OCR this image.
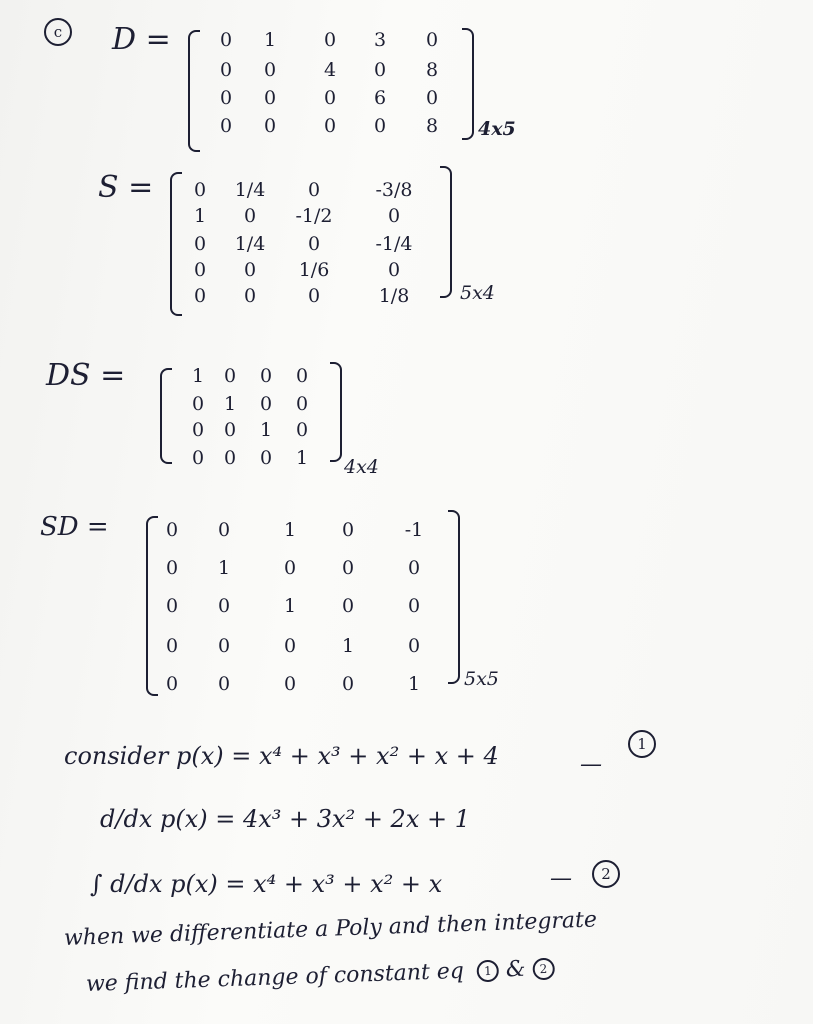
c	D =
S =
DS =
SD =
0 1	0 3 0
0 0	4 0 8
0 0	0 6 0
0 0	0 0 8
0 1/4 0	-3/8
1 0 -1/2	0
0 1/4 0	-1/4
0 0 1/6	0
0 0	0	1/8
1 0 0 0
0 1 0 0
0 0 1 0
0 0 0 1
0 0	1 0	-1
0 1	0 0	0
0 0	1 0	0
0 0	0 1	0
0 0	0 0	1
4x5
5x4
4x4
5x5
consider p(x) = x⁴ + x³ + x² + x + 4	—
1
d/dx p(x) = 4x³ + 3x² + 2x + 1
∫ d/dx p(x) = x⁴ + x³ + x² + x	—	2
when we differentiate a Poly and then integrate
we find the change of constant eq 1 & 2
